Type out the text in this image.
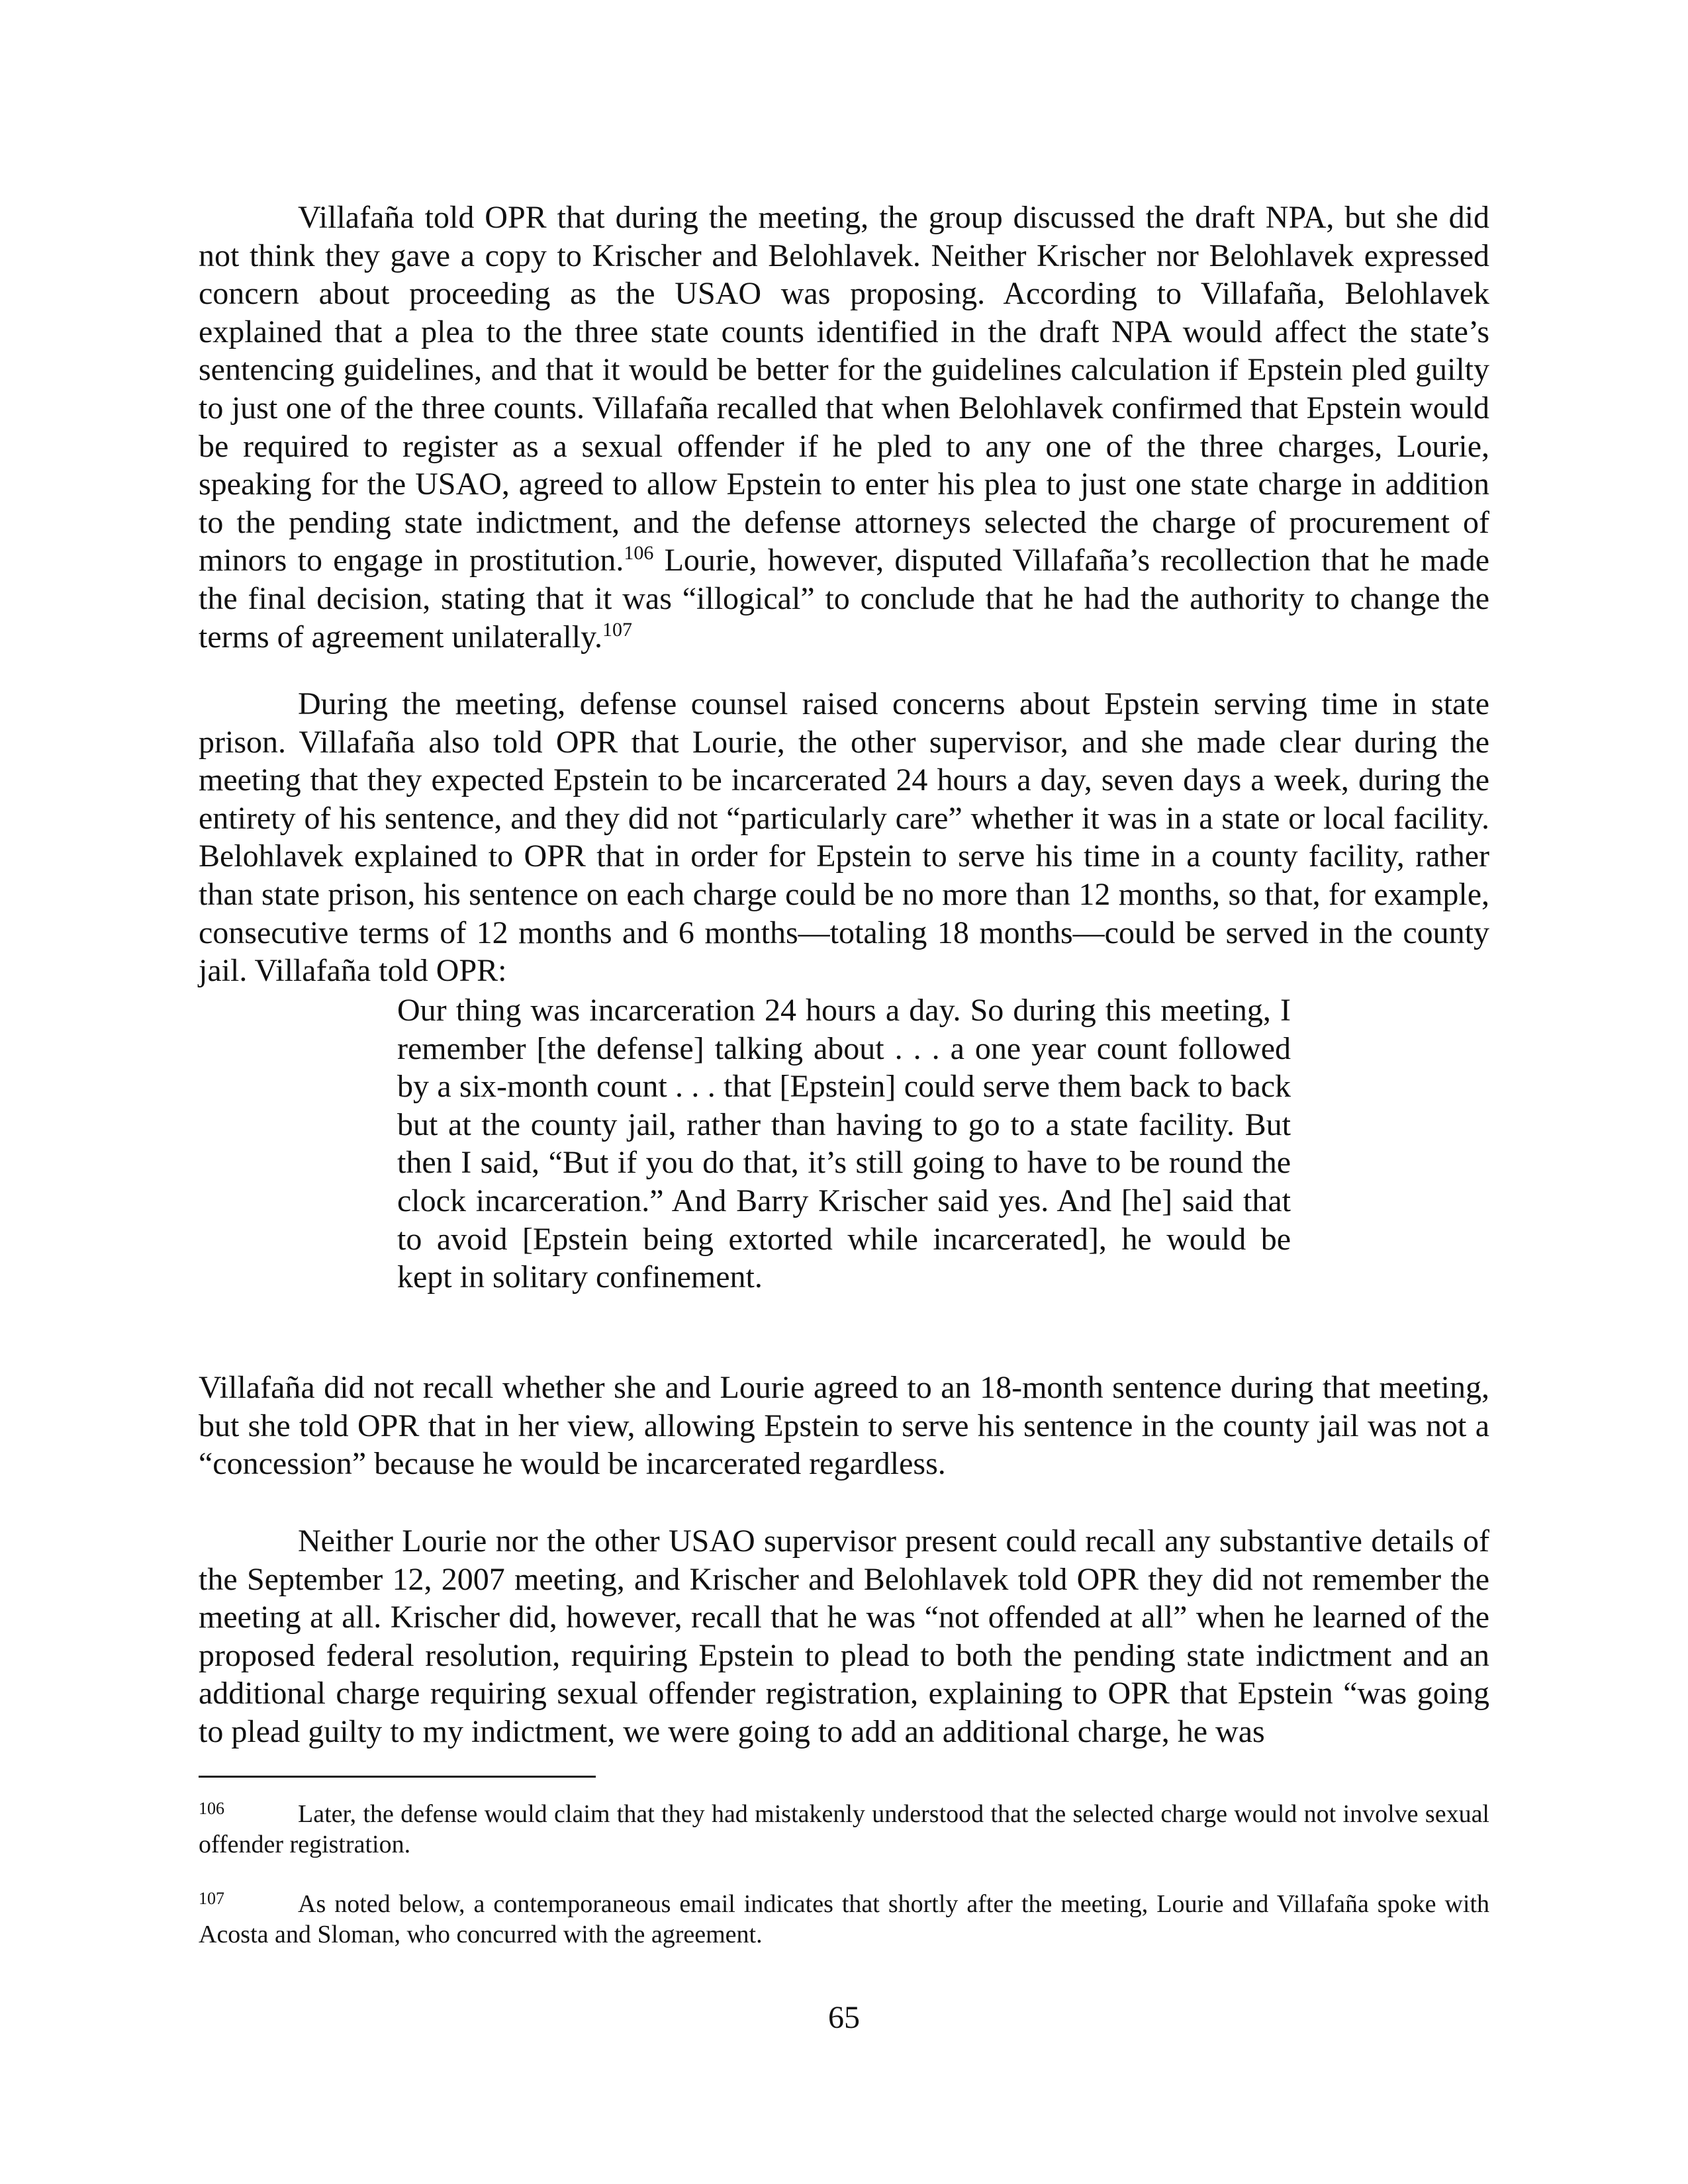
Villafaña told OPR that during the meeting, the group discussed the draft NPA, but she did not think they gave a copy to Krischer and Belohlavek. Neither Krischer nor Belohlavek expressed concern about proceeding as the USAO was proposing. According to Villafaña, Belohlavek explained that a plea to the three state counts identified in the draft NPA would affect the state’s sentencing guidelines, and that it would be better for the guidelines calculation if Epstein pled guilty to just one of the three counts. Villafaña recalled that when Belohlavek confirmed that Epstein would be required to register as a sexual offender if he pled to any one of the three charges, Lourie, speaking for the USAO, agreed to allow Epstein to enter his plea to just one state charge in addition to the pending state indictment, and the defense attorneys selected the charge of procurement of minors to engage in prostitution.$^{106}$ Lourie, however, disputed Villafaña’s recollection that he made the final decision, stating that it was “illogical” to conclude that he had the authority to change the terms of agreement unilaterally.$^{107}$

During the meeting, defense counsel raised concerns about Epstein serving time in state prison. Villafaña also told OPR that Lourie, the other supervisor, and she made clear during the meeting that they expected Epstein to be incarcerated 24 hours a day, seven days a week, during the entirety of his sentence, and they did not “particularly care” whether it was in a state or local facility. Belohlavek explained to OPR that in order for Epstein to serve his time in a county facility, rather than state prison, his sentence on each charge could be no more than 12 months, so that, for example, consecutive terms of 12 months and 6 months—totaling 18 months—could be served in the county jail. Villafaña told OPR:

Our thing was incarceration 24 hours a day. So during this meeting, I remember [the defense] talking about . . . a one year count followed by a six-month count . . . that [Epstein] could serve them back to back but at the county jail, rather than having to go to a state facility. But then I said, “But if you do that, it’s still going to have to be round the clock incarceration.” And Barry Krischer said yes. And [he] said that to avoid [Epstein being extorted while incarcerated], he would be kept in solitary confinement.

Villafaña did not recall whether she and Lourie agreed to an 18-month sentence during that meeting, but she told OPR that in her view, allowing Epstein to serve his sentence in the county jail was not a “concession” because he would be incarcerated regardless.

Neither Lourie nor the other USAO supervisor present could recall any substantive details of the September 12, 2007 meeting, and Krischer and Belohlavek told OPR they did not remember the meeting at all. Krischer did, however, recall that he was “not offended at all” when he learned of the proposed federal resolution, requiring Epstein to plead to both the pending state indictment and an additional charge requiring sexual offender registration, explaining to OPR that Epstein “was going to plead guilty to my indictment, we were going to add an additional charge, he was

106	Later, the defense would claim that they had mistakenly understood that the selected charge would not involve sexual offender registration.

107	As noted below, a contemporaneous email indicates that shortly after the meeting, Lourie and Villafaña spoke with Acosta and Sloman, who concurred with the agreement.

65
